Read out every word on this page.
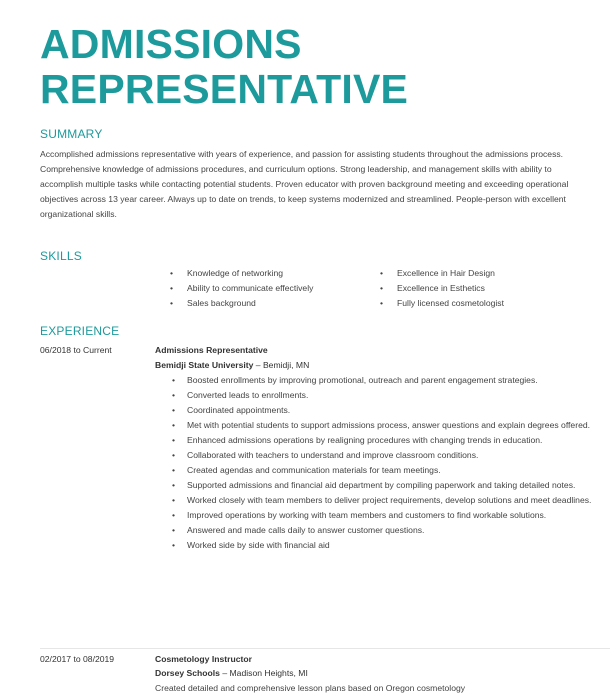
ADMISSIONS
REPRESENTATIVE
SUMMARY

Accomplished admissions representative with years of experience, and passion for assisting students throughout the admissions process. Comprehensive knowledge of admissions procedures, and curriculum options. Strong leadership, and management skills with ability to accomplish multiple tasks while contacting potential students. Proven educator with proven background meeting and exceeding operational objectives across 13 year career. Always up to date on trends, to keep systems modernized and streamlined. People-person with excellent organizational skills.

SKILLS
• Knowledge of networking
• Ability to communicate effectively
• Sales background
• Excellence in Hair Design
• Excellence in Esthetics
• Fully licensed cosmetologist
EXPERIENCE
06/2018 to Current	Admissions Representative
Bemidji State University – Bemidji, MN
• Boosted enrollments by improving promotional, outreach and parent engagement strategies.
• Converted leads to enrollments.
• Coordinated appointments.
• Met with potential students to support admissions process, answer questions and explain degrees offered.
• Enhanced admissions operations by realigning procedures with changing trends in education.
• Collaborated with teachers to understand and improve classroom conditions.
• Created agendas and communication materials for team meetings.
• Supported admissions and financial aid department by compiling paperwork and taking detailed notes.
• Worked closely with team members to deliver project requirements, develop solutions and meet deadlines.
• Improved operations by working with team members and customers to find workable solutions.
• Answered and made calls daily to answer customer questions.
• Worked side by side with financial aid
02/2017 to 08/2019	Cosmetology Instructor
Dorsey Schools – Madison Heights, MI

Created detailed and comprehensive lesson plans based on Oregon cosmetology
